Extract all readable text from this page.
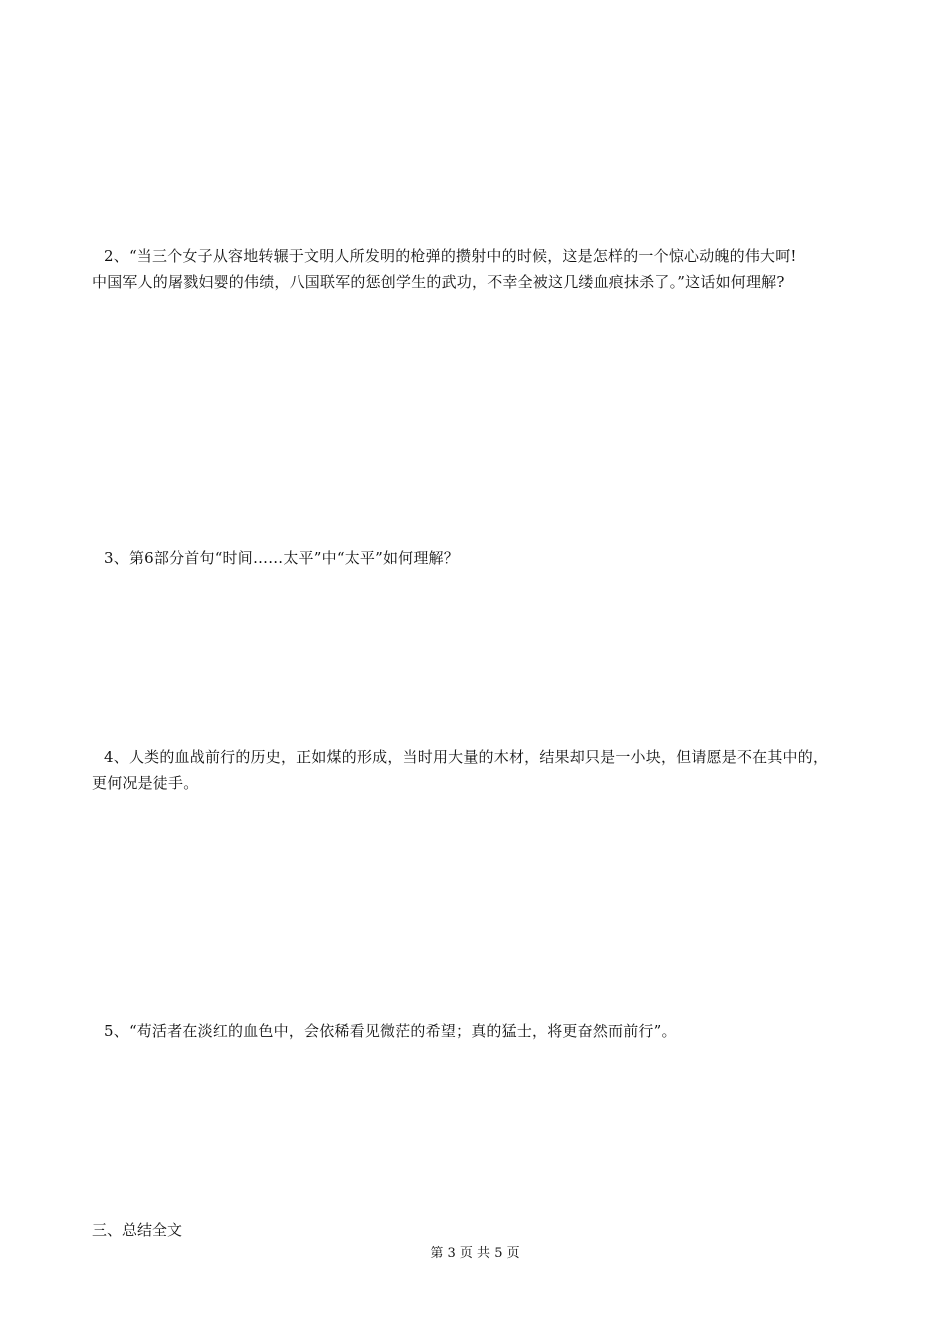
2、“当三个女子从容地转辗于文明人所发明的枪弹的攒射中的时候，这是怎样的一个惊心动魄的伟大呵!

中国军人的屠戮妇婴的伟绩，八国联军的惩创学生的武功，不幸全被这几缕血痕抹杀了。”这话如何理解?

3、第6部分首句“时间……太平”中“太平”如何理解？

4、人类的血战前行的历史，正如煤的形成，当时用大量的木材，结果却只是一小块，但请愿是不在其中的，

更何况是徒手。

5、“苟活者在淡红的血色中，会依稀看见微茫的希望；真的猛士，将更奋然而前行”。

三、总结全文
第 3 页 共 5 页
